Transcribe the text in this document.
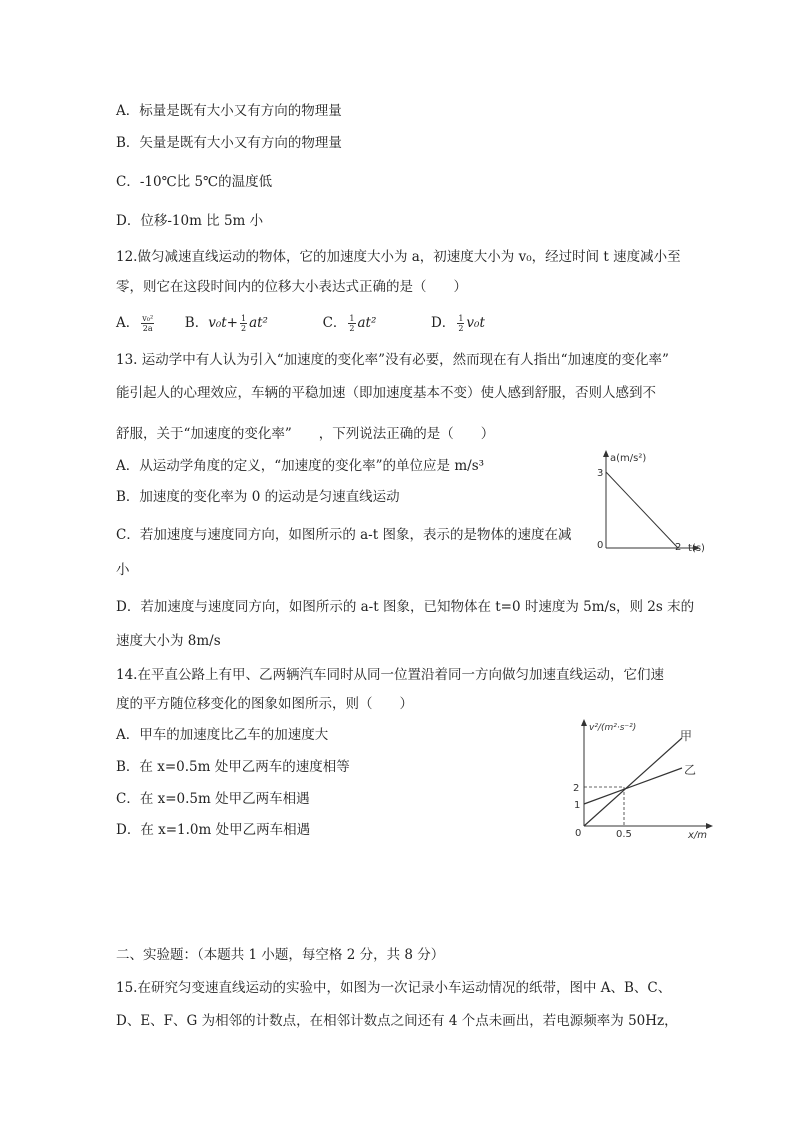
A．标量是既有大小又有方向的物理量
B．矢量是既有大小又有方向的物理量
C．-10℃比 5℃的温度低
D．位移-10m 比 5m 小
12.做匀减速直线运动的物体，它的加速度大小为 a，初速度大小为 v₀，经过时间 t 速度减小至
零，则它在这段时间内的位移大小表达式正确的是（　　）
A． $\frac{\text{v₀²}}{2a}$ B．$v_0t+ \frac{1}{2} at^2$	C． $\frac{1}{2} at^2$	D． $\frac{1}{2} v_0t$
13. 运动学中有人认为引入“加速度的变化率”没有必要，然而现在有人指出“加速度的变化率”
能引起人的心理效应，车辆的平稳加速（即加速度基本不变）使人感到舒服，否则人感到不
舒服，关于“加速度的变化率”　　，下列说法正确的是（　　）
A．从运动学角度的定义，“加速度的变化率”的单位应是 m/s³
B．加速度的变化率为 0 的运动是匀速直线运动
C．若加速度与速度同方向，如图所示的 a-t 图象，表示的是物体的速度在减
小
D．若加速度与速度同方向，如图所示的 a-t 图象，已知物体在 t=0 时速度为 5m/s，则 2s 末的
速度大小为 8m/s
a(m/s²)
3
0	2 t(s)
14.在平直公路上有甲、乙两辆汽车同时从同一位置沿着同一方向做匀加速直线运动，它们速
度的平方随位移变化的图象如图所示，则（　　）
A．甲车的加速度比乙车的加速度大
B．在 x=0.5m 处甲乙两车的速度相等
C．在 x=0.5m 处甲乙两车相遇
D．在 x=1.0m 处甲乙两车相遇
v²/(m²·s⁻²)
甲
乙
2
1
0	0.5	x/m
二、实验题：（本题共 1 小题，每空格 2 分，共 8 分）
15.在研究匀变速直线运动的实验中，如图为一次记录小车运动情况的纸带，图中 A、B、C、
D、E、F、G 为相邻的计数点，在相邻计数点之间还有 4 个点未画出，若电源频率为 50Hz，
